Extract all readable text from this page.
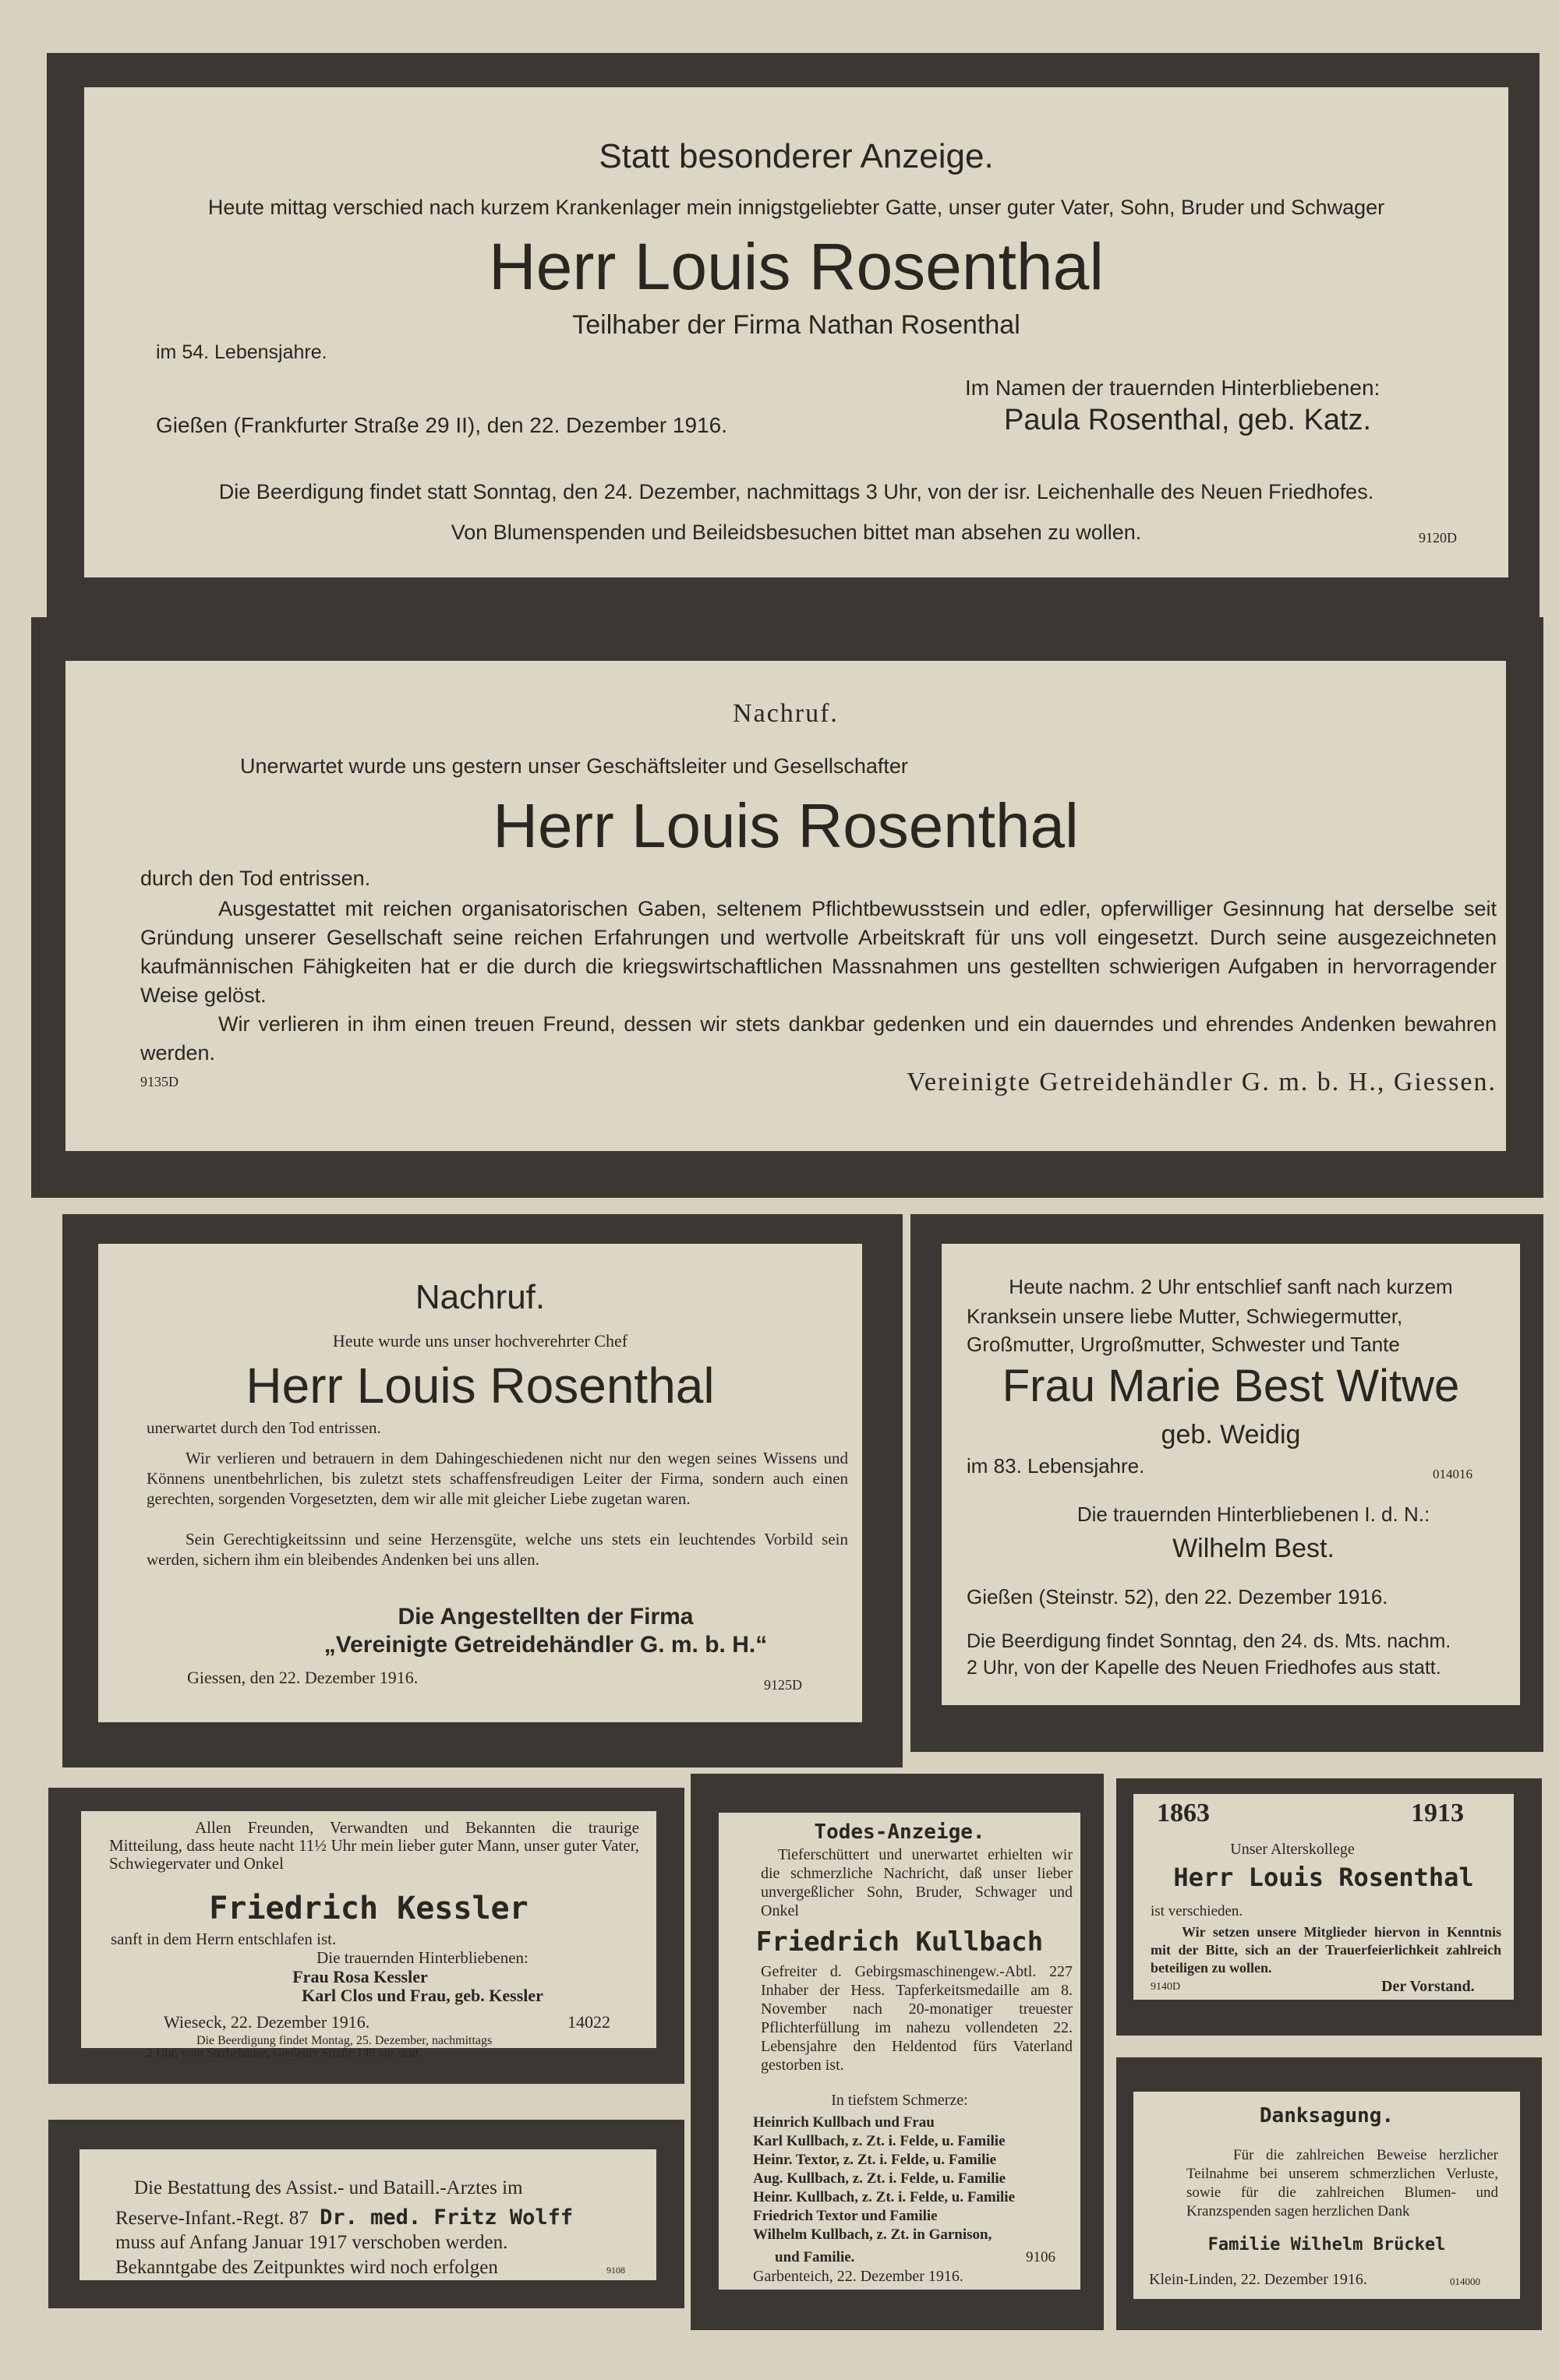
Statt besonderer Anzeige.
Heute mittag verschied nach kurzem Krankenlager mein innigstgeliebter Gatte, unser guter Vater, Sohn, Bruder und Schwager
Herr Louis Rosenthal
Teilhaber der Firma Nathan Rosenthal
im 54. Lebensjahre.
Im Namen der trauernden Hinterbliebenen:
Gießen (Frankfurter Straße 29 II), den 22. Dezember 1916.	Paula Rosenthal, geb. Katz.
Die Beerdigung findet statt Sonntag, den 24. Dezember, nachmittags 3 Uhr, von der isr. Leichenhalle des Neuen Friedhofes.
Von Blumenspenden und Beileidsbesuchen bittet man absehen zu wollen.	9120D
Nachruf.
Unerwartet wurde uns gestern unser Geschäftsleiter und Gesellschafter
Herr Louis Rosenthal
durch den Tod entrissen.

Ausgestattet mit reichen organisatorischen Gaben, seltenem Pflichtbewusstsein und edler, opferwilliger Gesinnung hat derselbe seit Gründung unserer Gesellschaft seine reichen Erfahrungen und wertvolle Arbeitskraft für uns voll eingesetzt. Durch seine ausgezeichneten kaufmännischen Fähigkeiten hat er die durch die kriegswirtschaftlichen Massnahmen uns gestellten schwierigen Aufgaben in hervorragender Weise gelöst.

Wir verlieren in ihm einen treuen Freund, dessen wir stets dankbar gedenken und ein dauerndes und ehrendes Andenken bewahren werden.

9135D	Vereinigte Getreidehändler G. m. b. H., Giessen.
Nachruf.
Heute wurde uns unser hochverehrter Chef
Herr Louis Rosenthal
unerwartet durch den Tod entrissen.

Wir verlieren und betrauern in dem Dahingeschiedenen nicht nur den wegen seines Wissens und Könnens unentbehrlichen, bis zuletzt stets schaffensfreudigen Leiter der Firma, sondern auch einen gerechten, sorgenden Vorgesetzten, dem wir alle mit gleicher Liebe zugetan waren.

Sein Gerechtigkeitssinn und seine Herzensgüte, welche uns stets ein leuchtendes Vorbild sein werden, sichern ihm ein bleibendes Andenken bei uns allen.

Die Angestellten der Firma
„Vereinigte Getreidehändler G. m. b. H.“
Giessen, den 22. Dezember 1916.	9125D
Heute nachm. 2 Uhr entschlief sanft nach kurzem
Kranksein unsere liebe Mutter, Schwiegermutter,
Großmutter, Urgroßmutter, Schwester und Tante
Frau Marie Best Witwe
geb. Weidig
im 83. Lebensjahre.	014016
Die trauernden Hinterbliebenen I. d. N.:
Wilhelm Best.
Gießen (Steinstr. 52), den 22. Dezember 1916.
Die Beerdigung findet Sonntag, den 24. ds. Mts. nachm.
2 Uhr, von der Kapelle des Neuen Friedhofes aus statt.

Allen Freunden, Verwandten und Bekannten die traurige Mitteilung, dass heute nacht 11½ Uhr mein lieber guter Mann, unser guter Vater, Schwiegervater und Onkel

Friedrich Kessler
sanft in dem Herrn entschlafen ist.
Die trauernden Hinterbliebenen:
Frau Rosa Kessler
Karl Clos und Frau, geb. Kessler
Wieseck, 22. Dezember 1916.	14022
Die Beerdigung findet Montag, 25. Dezember, nachmittags
2 Uhr, vom Sterbehause, Gießener Straße 149 aus statt.
Die Bestattung des Assist.- und Bataill.-Arztes im
Reserve-Infant.-Regt. 87 Dr. med. Fritz Wolff
muss auf Anfang Januar 1917 verschoben werden.
Bekanntgabe des Zeitpunktes wird noch erfolgen	9108
Todes-Anzeige.

Tieferschüttert und unerwartet erhielten wir die schmerzliche Nachricht, daß unser lieber unvergeßlicher Sohn, Bruder, Schwager und Onkel

Friedrich Kullbach

Gefreiter d. Gebirgsmaschinengew.-Abtl. 227 Inhaber der Hess. Tapferkeitsmedaille am 8. November nach 20-monatiger treuester Pflichterfüllung im nahezu vollendeten 22. Lebensjahre den Heldentod fürs Vaterland gestorben ist.

In tiefstem Schmerze:
Heinrich Kullbach und Frau
Karl Kullbach, z. Zt. i. Felde, u. Familie
Heinr. Textor, z. Zt. i. Felde, u. Familie
Aug. Kullbach, z. Zt. i. Felde, u. Familie
Heinr. Kullbach, z. Zt. i. Felde, u. Familie
Friedrich Textor und Familie
Wilhelm Kullbach, z. Zt. in Garnison,
und Familie.	9106
Garbenteich, 22. Dezember 1916.
1863	1913
Unser Alterskollege
Herr Louis Rosenthal
ist verschieden.

Wir setzen unsere Mitglieder hiervon in Kenntnis mit der Bitte, sich an der Trauerfeierlichkeit zahlreich beteiligen zu wollen.

9140D	Der Vorstand.
Danksagung.

Für die zahlreichen Beweise herzlicher Teilnahme bei unserem schmerzlichen Verluste, sowie für die zahlreichen Blumen- und Kranzspenden sagen herzlichen Dank

Familie Wilhelm Brückel
Klein-Linden, 22. Dezember 1916.	014000
